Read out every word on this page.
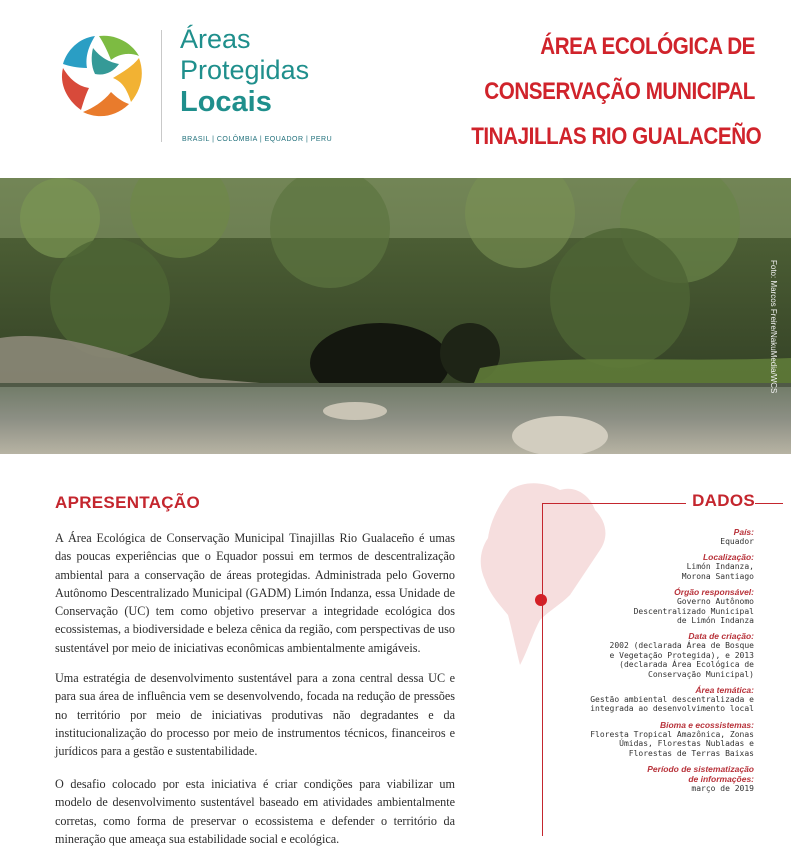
Áreas
Protegidas
Locais
BRASIL | COLÔMBIA | EQUADOR | PERU
ÁREA ECOLÓGICA DE
CONSERVAÇÃO MUNICIPAL
TINAJILLAS RIO GUALACEÑO
Foto: Marcos Freire/NakuMedia/WCS
APRESENTAÇÃO

A Área Ecológica de Conservação Municipal Tinajillas Rio Gualaceño é umas das poucas experiências que o Equador possui em termos de descentralização ambiental para a conservação de áreas protegidas. Administrada pelo Governo Autônomo Descentralizado Municipal (GADM) Limón Indanza, essa Unidade de Conservação (UC) tem como objetivo preservar a integridade ecológica dos ecossistemas, a biodiversidade e beleza cênica da região, com perspectivas de uso sustentável por meio de iniciativas econômicas ambientalmente amigáveis.

Uma estratégia de desenvolvimento sustentável para a zona central dessa UC e para sua área de influência vem se desenvolvendo, focada na redução de pressões no território por meio de iniciativas produtivas não degradantes e da institucionalização do processo por meio de instrumentos técnicos, financeiros e jurídicos para a gestão e sustentabilidade.

O desafio colocado por esta iniciativa é criar condições para viabilizar um modelo de desenvolvimento sustentável baseado em atividades ambientalmente corretas, como forma de preservar o ecossistema e defender o território da mineração que ameaça sua estabilidade social e ecológica.

DADOS
País:
Equador
Localização:
Limón Indanza,
Morona Santiago
Órgão responsável:
Governo Autônomo
Descentralizado Municipal
de Limón Indanza
Data de criação:
2002 (declarada Área de Bosque
e Vegetação Protegida), e 2013
(declarada Área Ecológica de
Conservação Municipal)
Área temática:
Gestão ambiental descentralizada e
integrada ao desenvolvimento local
Bioma e ecossistemas:
Floresta Tropical Amazônica, Zonas
Úmidas, Florestas Nubladas e
Florestas de Terras Baixas
Período de sistematização
de informações:
março de 2019
